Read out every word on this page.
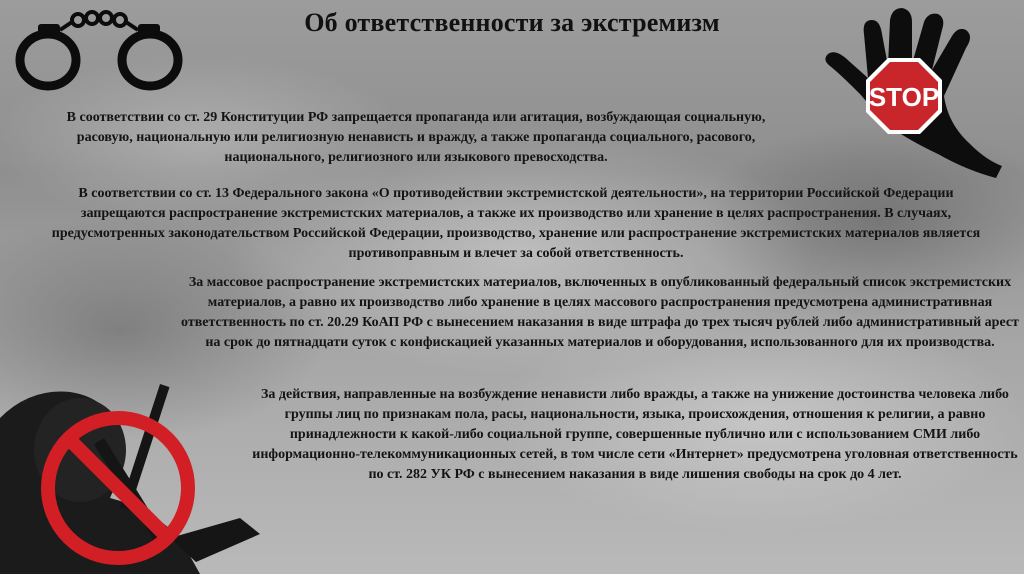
STOP
Об ответственности за экстремизм
В соответствии со ст. 29 Конституции РФ запрещается пропаганда или агитация, возбуждающая социальную, расовую, национальную или религиозную ненависть и вражду, а также пропаганда социального, расового, национального, религиозного или языкового превосходства.
В соответствии со ст. 13 Федерального закона «О противодействии экстремистской деятельности», на территории Российской Федерации запрещаются распространение экстремистских материалов, а также их производство или хранение в целях распространения. В случаях, предусмотренных законодательством Российской Федерации, производство, хранение или распространение экстремистских материалов является противоправным и влечет за собой ответственность.
За массовое распространение экстремистских материалов, включенных в опубликованный федеральный список экстремистских материалов, а равно их производство либо хранение в целях массового распространения предусмотрена административная ответственность по ст. 20.29 КоАП РФ с вынесением наказания в виде штрафа до трех тысяч рублей либо административный арест на срок до пятнадцати суток с конфискацией указанных материалов и оборудования, использованного для их производства.
За действия, направленные на возбуждение ненависти либо вражды, а также на унижение достоинства человека либо группы лиц по признакам пола, расы, национальности, языка, происхождения, отношения к религии, а равно принадлежности к какой-либо социальной группе, совершенные публично или с использованием СМИ либо информационно-телекоммуникационных сетей, в том числе сети «Интернет» предусмотрена уголовная ответственность по ст. 282 УК РФ с вынесением наказания в виде лишения свободы на срок до 4 лет.
